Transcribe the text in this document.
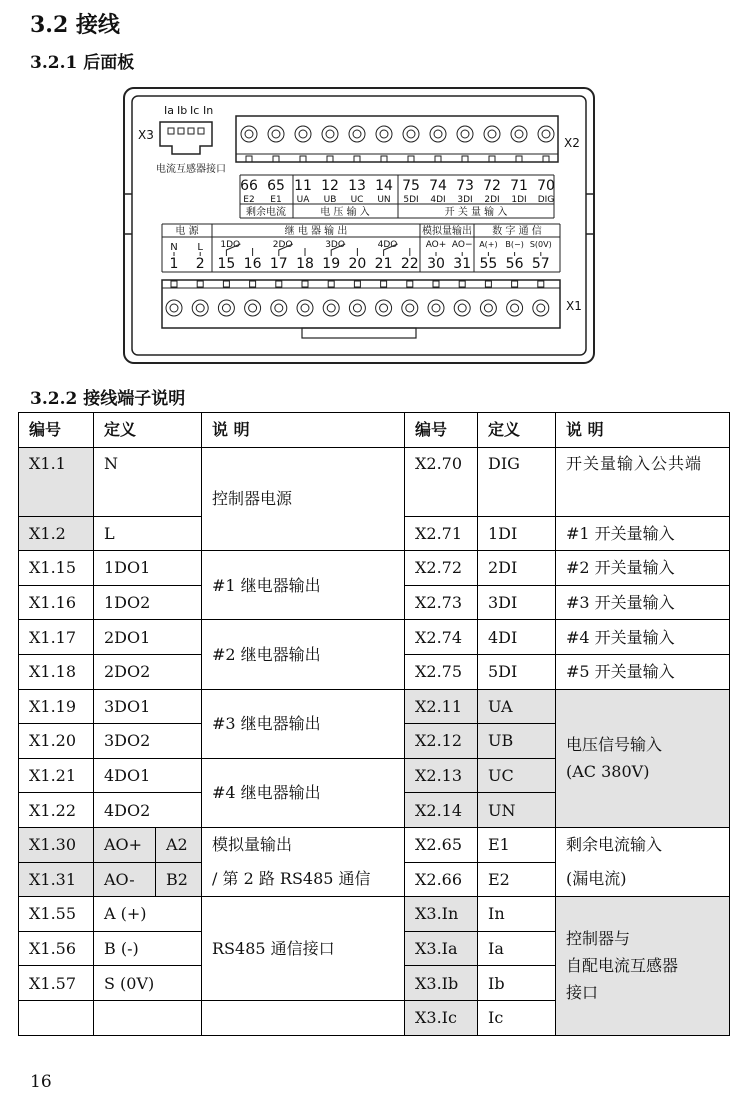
3.2 接线
3.2.1 后面板
Ia Ib Ic In
X3
电流互感器接口
X2
66 65 11 12 13 14 75 74 73 72 71 70
E2 E1 UA UB UC UN 5DI 4DI 3DI 2DI 1DI DIG
剩余电流	电 压 输 入	开 关 量 输 入
电 源	继 电 器 输 出	模拟量输出 数 字 通 信
N L 1DO	2DO	3DO	4DO	AO+ AO− A(+) B(−) S(0V)
1 2 15 16 17 18 19 20 21 22 30 31 55 56 57
X1
3.2.2 接线端子说明
编号	定义		说 明	编号	定义	说 明
X1.1	N		控制器电源	X2.70	DIG	开关量输入公共端
X1.2	L			X2.71	1DI	#1 开关量输入
X1.15	1DO1		#1 继电器输出	X2.72	2DI	#2 开关量输入
X1.16	1DO2			X2.73	3DI	#3 开关量输入
X1.17	2DO1		#2 继电器输出	X2.74	4DI	#4 开关量输入
X1.18	2DO2			X2.75	5DI	#5 开关量输入
X1.19	3DO1		#3 继电器输出	X2.11	UA	电压信号输入
(AC 380V)

X1.20	3DO2			X2.12	UB	
X1.21	4DO1		#4 继电器输出	X2.13	UC	
X1.22	4DO2			X2.14	UN	
X1.30	AO+	A2	模拟量输出	X2.65	E1	剩余电流输入
X1.31	AO-	B2	/ 第 2 路 RS485 通信	X2.66	E2	(漏电流)
X1.55	A (+)		RS485 通信接口	X3.In	In	控制器与
自配电流互感器
接口

X1.56	B (-)			X3.Ia	Ia	
X1.57	S (0V)			X3.Ib	Ib	
				X3.Ic	Ic	
16
